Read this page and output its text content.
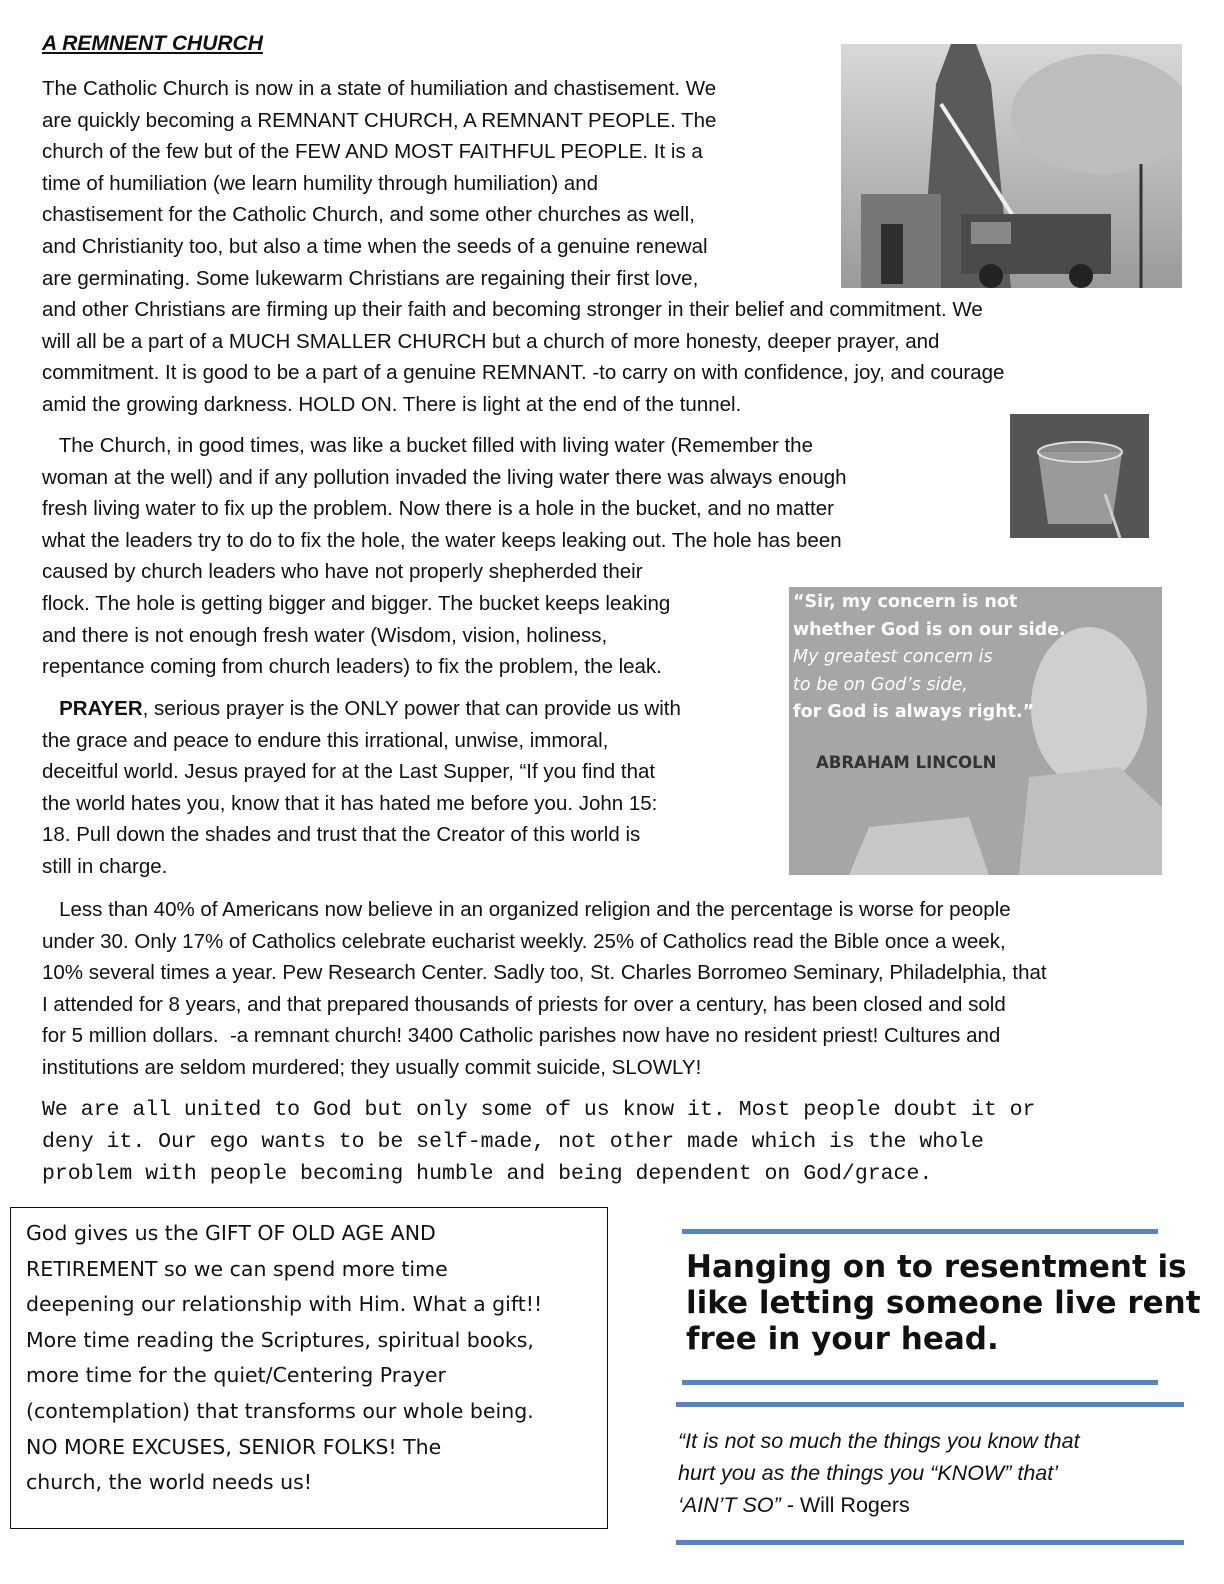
A REMNENT CHURCH
The Catholic Church is now in a state of humiliation and chastisement. We
are quickly becoming a REMNANT CHURCH, A REMNANT PEOPLE. The
church of the few but of the FEW AND MOST FAITHFUL PEOPLE. It is a
time of humiliation (we learn humility through humiliation) and
chastisement for the Catholic Church, and some other churches as well,
and Christianity too, but also a time when the seeds of a genuine renewal
are germinating. Some lukewarm Christians are regaining their first love,
and other Christians are firming up their faith and becoming stronger in their belief and commitment. We
will all be a part of a MUCH SMALLER CHURCH but a church of more honesty, deeper prayer, and
commitment. It is good to be a part of a genuine REMNANT. -to carry on with confidence, joy, and courage
amid the growing darkness. HOLD ON. There is light at the end of the tunnel.
The Church, in good times, was like a bucket filled with living water (Remember the
woman at the well) and if any pollution invaded the living water there was always enough
fresh living water to fix up the problem. Now there is a hole in the bucket, and no matter
what the leaders try to do to fix the hole, the water keeps leaking out. The hole has been
caused by church leaders who have not properly shepherded their
flock. The hole is getting bigger and bigger. The bucket keeps leaking
and there is not enough fresh water (Wisdom, vision, holiness,
repentance coming from church leaders) to fix the problem, the leak.
“Sir, my concern is not
whether God is on our side.
My greatest concern is
to be on God’s side,
for God is always right.”
ABRAHAM LINCOLN
PRAYER, serious prayer is the ONLY power that can provide us with
the grace and peace to endure this irrational, unwise, immoral,
deceitful world. Jesus prayed for at the Last Supper, “If you find that
the world hates you, know that it has hated me before you. John 15:
18. Pull down the shades and trust that the Creator of this world is
still in charge.
Less than 40% of Americans now believe in an organized religion and the percentage is worse for people
under 30. Only 17% of Catholics celebrate eucharist weekly. 25% of Catholics read the Bible once a week,
10% several times a year. Pew Research Center. Sadly too, St. Charles Borromeo Seminary, Philadelphia, that
I attended for 8 years, and that prepared thousands of priests for over a century, has been closed and sold
for 5 million dollars.  -a remnant church! 3400 Catholic parishes now have no resident priest! Cultures and
institutions are seldom murdered; they usually commit suicide, SLOWLY!
We are all united to God but only some of us know it. Most people doubt it or
deny it. Our ego wants to be self-made, not other made which is the whole
problem with people becoming humble and being dependent on God/grace.
God gives us the GIFT OF OLD AGE AND
RETIREMENT so we can spend more time
deepening our relationship with Him. What a gift!!
More time reading the Scriptures, spiritual books,
more time for the quiet/Centering Prayer
(contemplation) that transforms our whole being.
NO MORE EXCUSES, SENIOR FOLKS! The
church, the world needs us!
Hanging on to resentment is
like letting someone live rent
free in your head.
“It is not so much the things you know that
hurt you as the things you “KNOW” that’
‘AIN’T SO” - Will Rogers
